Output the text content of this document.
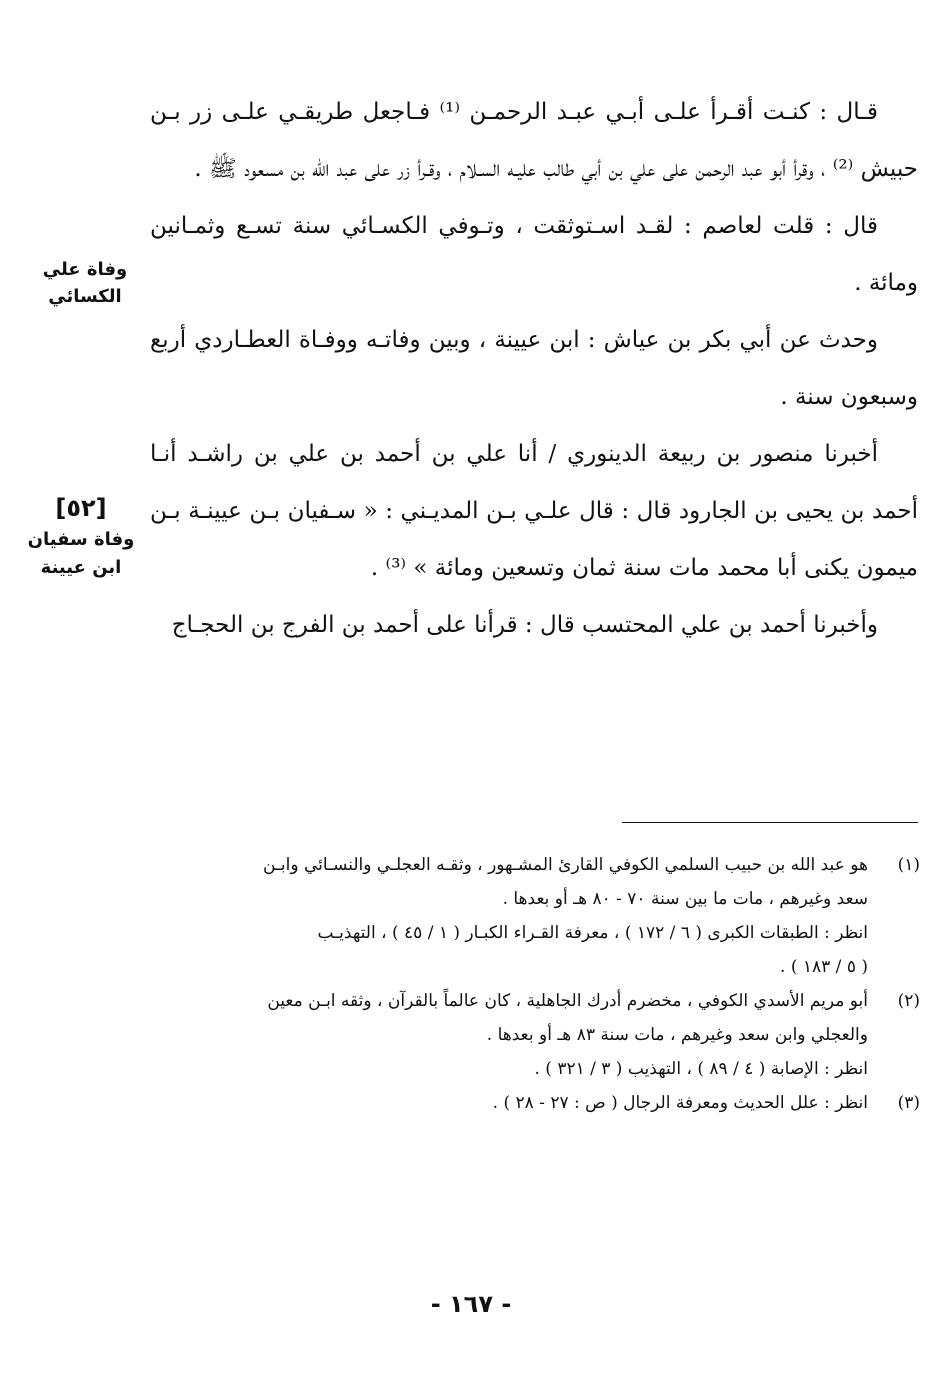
قـال : كنـت أقـرأ علـى أبـي عبـد الرحمـن ⁽¹⁾ فـاجعل طريقـي علـى زر بـن حبيش ⁽²⁾ ، وقرأ أبو عبد الرحمن على علي بن أبي طالب عليـه السـلام ، وقـرأ زر على عبد الله بن مسعود ﷺ .

قال : قلت لعاصم : لقـد اسـتوثقت ، وتـوفي الكسـائي سنة تسـع وثمـانين ومائة .

وحدث عن أبي بكر بن عياش : ابن عيينة ، وبين وفاتـه ووفـاة العطـاردي أربع وسبعون سنة .

أخبرنا منصور بن ربيعة الدينوري / أنا علي بن أحمد بن علي بن راشـد أنـا أحمد بن يحيى بن الجارود قال : قال علـي بـن المديـني : « سـفيان بـن عيينـة بـن ميمون يكنى أبا محمد مات سنة ثمان وتسعين ومائة » ⁽³⁾ .

وأخبرنا أحمد بن علي المحتسب قال : قرأنا على أحمد بن الفرج بن الحجـاج

وفاة علي
الكسائي
[٥٢]
وفاة سفيان
ابن عيينة
(١)
هو عبد الله بن حبيب السلمي الكوفي القارئ المشـهور ، وثقـه العجلـي والنسـائي وابـن
سعد وغيرهم ، مات ما بين سنة ٧٠ - ٨٠ هـ أو بعدها .
انظر : الطبقات الكبرى ( ٦ / ١٧٢ ) ، معرفة القـراء الكبـار ( ١ / ٤٥ ) ، التهذيـب
( ٥ / ١٨٣ ) .
(٢)
أبو مريم الأسدي الكوفي ، مخضرم أدرك الجاهلية ، كان عالماً بالقرآن ، وثقه ابـن معين
والعجلي وابن سعد وغيرهم ، مات سنة ٨٣ هـ أو بعدها .
انظر : الإصابة ( ٤ / ٨٩ ) ، التهذيب ( ٣ / ٣٢١ ) .
(٣)
انظر : علل الحديث ومعرفة الرجال ( ص : ٢٧ - ٢٨ ) .
- ١٦٧ -
